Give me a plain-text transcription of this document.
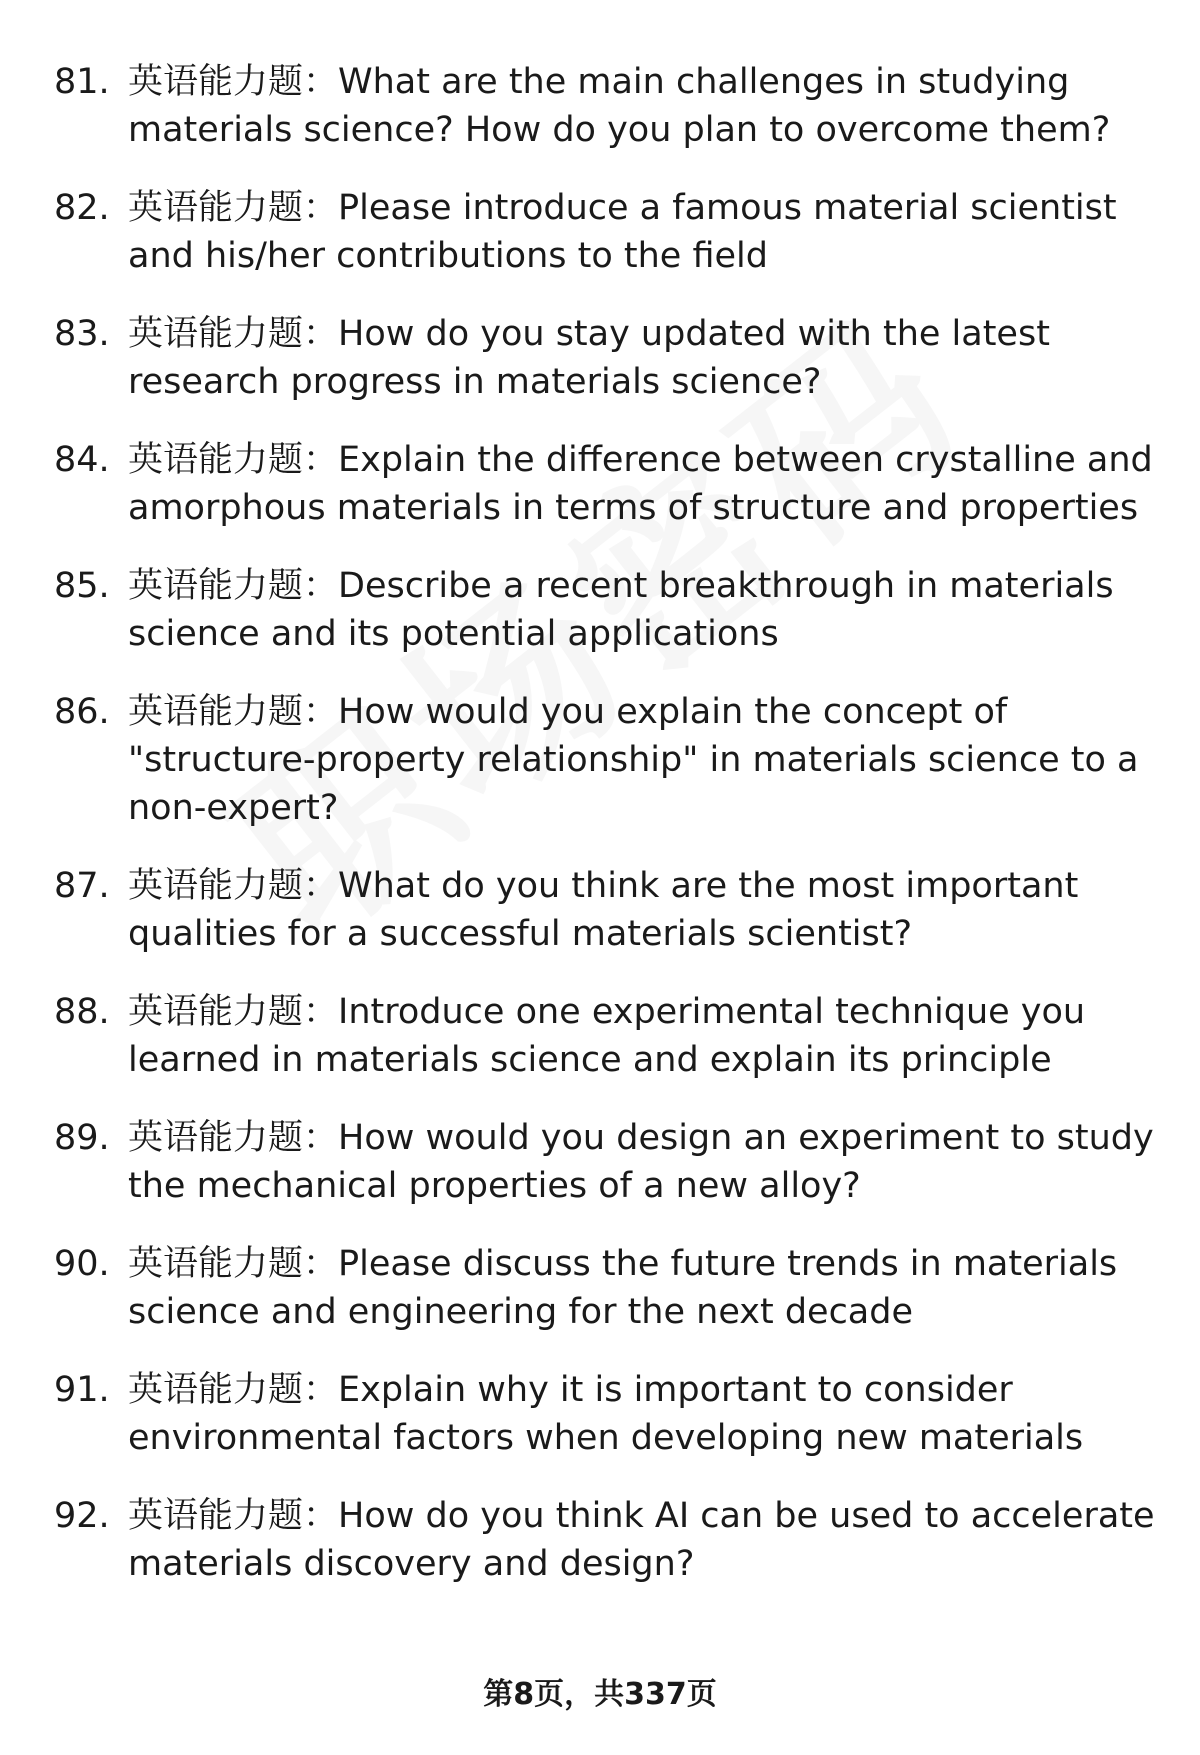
81. 英语能力题：What are the main challenges in studying materials science? How do you plan to overcome them?
82. 英语能力题：Please introduce a famous material scientist and his/her contributions to the field
83. 英语能力题：How do you stay updated with the latest research progress in materials science?
84. 英语能力题：Explain the difference between crystalline and amorphous materials in terms of structure and properties
85. 英语能力题：Describe a recent breakthrough in materials science and its potential applications
86. 英语能力题：How would you explain the concept of "structure-property relationship" in materials science to a non-expert?
87. 英语能力题：What do you think are the most important qualities for a successful materials scientist?
88. 英语能力题：Introduce one experimental technique you learned in materials science and explain its principle
89. 英语能力题：How would you design an experiment to study the mechanical properties of a new alloy?
90. 英语能力题：Please discuss the future trends in materials science and engineering for the next decade
91. 英语能力题：Explain why it is important to consider environmental factors when developing new materials
92. 英语能力题：How do you think AI can be used to accelerate materials discovery and design?
第8页，共337页
